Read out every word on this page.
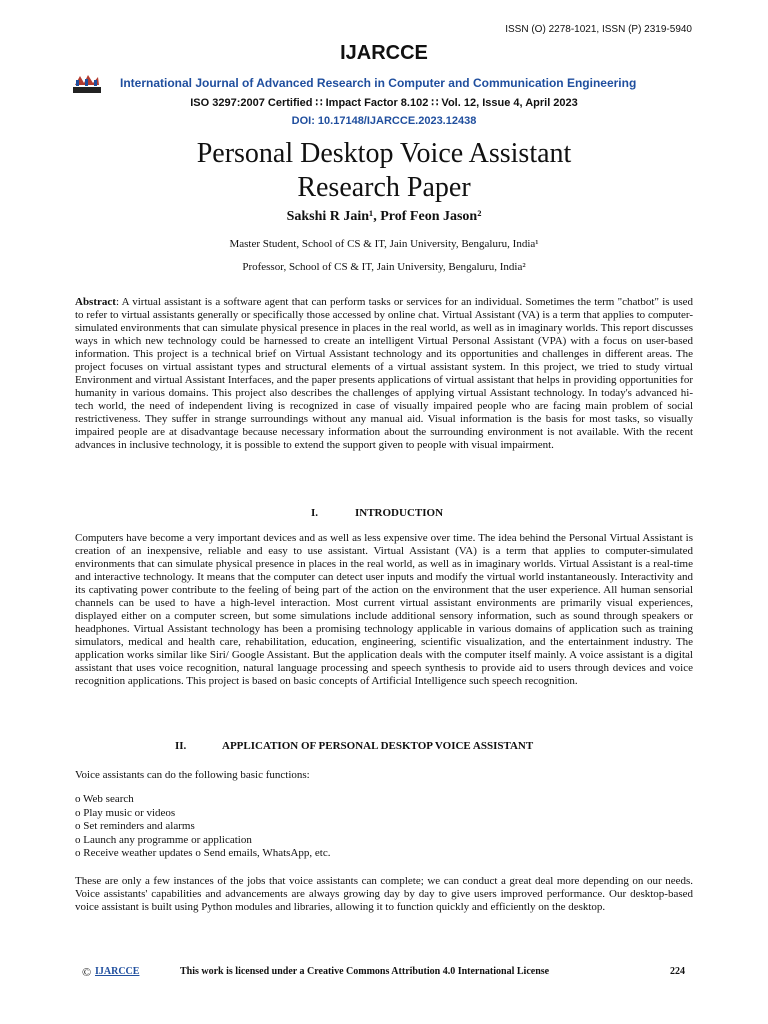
ISSN (O) 2278-1021, ISSN (P) 2319-5940
IJARCCE
International Journal of Advanced Research in Computer and Communication Engineering
ISO 3297:2007 Certified ∷ Impact Factor 8.102 ∷ Vol. 12, Issue 4, April 2023
DOI: 10.17148/IJARCCE.2023.12438
Personal Desktop Voice Assistant
Research Paper
Sakshi R Jain¹, Prof Feon Jason²
Master Student, School of CS & IT, Jain University, Bengaluru, India¹
Professor, School of CS & IT, Jain University, Bengaluru, India²
Abstract: A virtual assistant is a software agent that can perform tasks or services for an individual. Sometimes the term "chatbot" is used to refer to virtual assistants generally or specifically those accessed by online chat. Virtual Assistant (VA) is a term that applies to computer-simulated environments that can simulate physical presence in places in the real world, as well as in imaginary worlds. This report discusses ways in which new technology could be harnessed to create an intelligent Virtual Personal Assistant (VPA) with a focus on user-based information. This project is a technical brief on Virtual Assistant technology and its opportunities and challenges in different areas. The project focuses on virtual assistant types and structural elements of a virtual assistant system. In this project, we tried to study virtual Environment and virtual Assistant Interfaces, and the paper presents applications of virtual assistant that helps in providing opportunities for humanity in various domains. This project also describes the challenges of applying virtual Assistant technology. In today's advanced hi-tech world, the need of independent living is recognized in case of visually impaired people who are facing main problem of social restrictiveness. They suffer in strange surroundings without any manual aid. Visual information is the basis for most tasks, so visually impaired people are at disadvantage because necessary information about the surrounding environment is not available. With the recent advances in inclusive technology, it is possible to extend the support given to people with visual impairment.
I.	INTRODUCTION
Computers have become a very important devices and as well as less expensive over time. The idea behind the Personal Virtual Assistant is creation of an inexpensive, reliable and easy to use assistant. Virtual Assistant (VA) is a term that applies to computer-simulated environments that can simulate physical presence in places in the real world, as well as in imaginary worlds. Virtual Assistant is a real-time and interactive technology. It means that the computer can detect user inputs and modify the virtual world instantaneously. Interactivity and its captivating power contribute to the feeling of being part of the action on the environment that the user experience. All human sensorial channels can be used to have a high-level interaction. Most current virtual assistant environments are primarily visual experiences, displayed either on a computer screen, but some simulations include additional sensory information, such as sound through speakers or headphones. Virtual Assistant technology has been a promising technology applicable in various domains of application such as training simulators, medical and health care, rehabilitation, education, engineering, scientific visualization, and the entertainment industry. The application works similar like Siri/ Google Assistant. But the application deals with the computer itself mainly. A voice assistant is a digital assistant that uses voice recognition, natural language processing and speech synthesis to provide aid to users through devices and voice recognition applications. This project is based on basic concepts of Artificial Intelligence such speech recognition.
II.	APPLICATION OF PERSONAL DESKTOP VOICE ASSISTANT
Voice assistants can do the following basic functions:
o Web search
o Play music or videos
o Set reminders and alarms
o Launch any programme or application
o Receive weather updates o Send emails, WhatsApp, etc.
These are only a few instances of the jobs that voice assistants can complete; we can conduct a great deal more depending on our needs. Voice assistants' capabilities and advancements are always growing day by day to give users improved performance. Our desktop-based voice assistant is built using Python modules and libraries, allowing it to function quickly and efficiently on the desktop.
© IJARCCE	This work is licensed under a Creative Commons Attribution 4.0 International License	224
